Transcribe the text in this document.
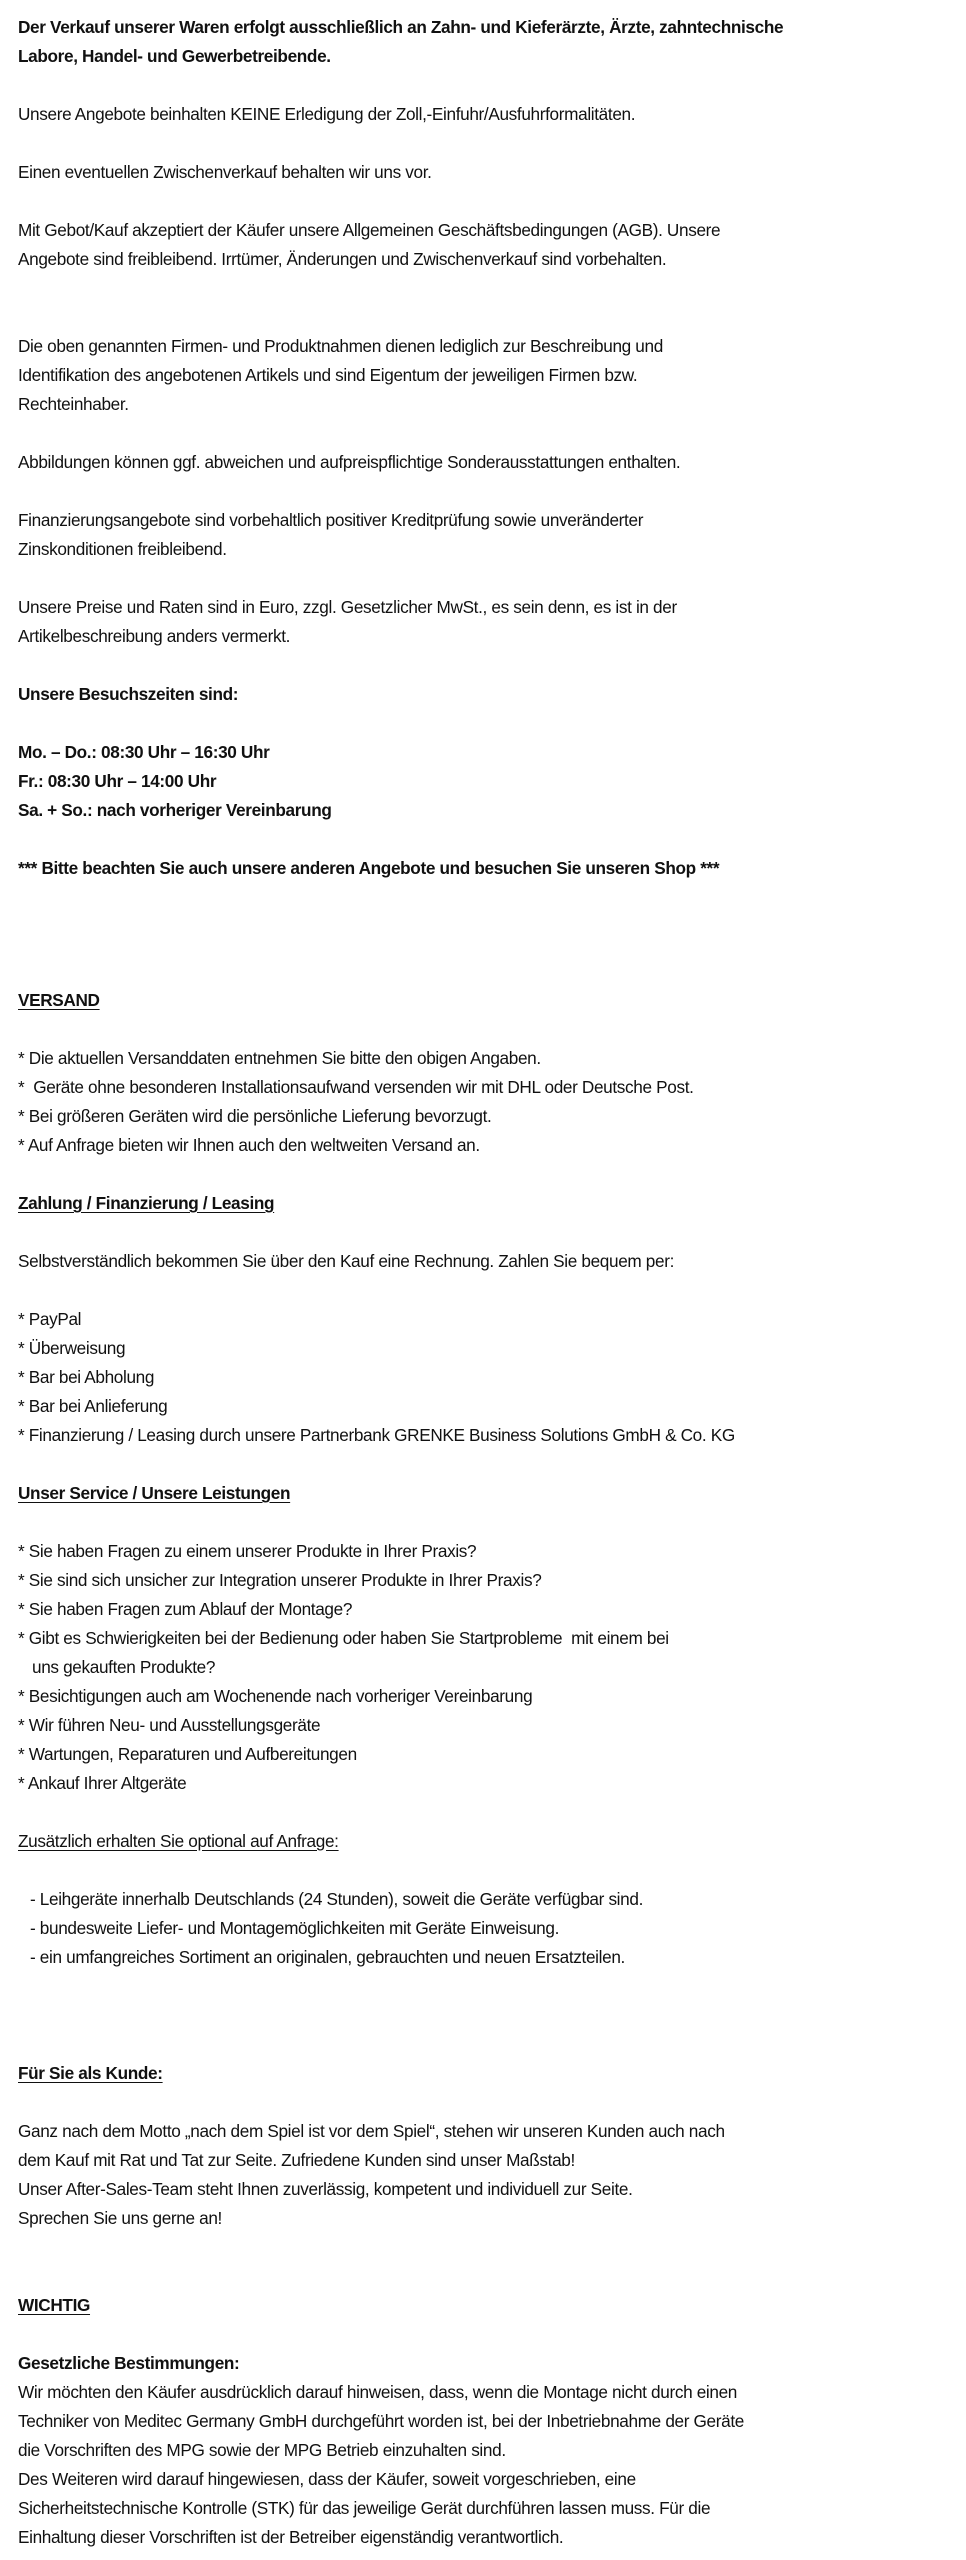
Der Verkauf unserer Waren erfolgt ausschließlich an Zahn- und Kieferärzte, Ärzte, zahntechnische
Labore, Handel- und Gewerbetreibende.
Unsere Angebote beinhalten KEINE Erledigung der Zoll,-Einfuhr/Ausfuhrformalitäten.
Einen eventuellen Zwischenverkauf behalten wir uns vor.
Mit Gebot/Kauf akzeptiert der Käufer unsere Allgemeinen Geschäftsbedingungen (AGB). Unsere
Angebote sind freibleibend. Irrtümer, Änderungen und Zwischenverkauf sind vorbehalten.
Die oben genannten Firmen- und Produktnahmen dienen lediglich zur Beschreibung und
Identifikation des angebotenen Artikels und sind Eigentum der jeweiligen Firmen bzw.
Rechteinhaber.
Abbildungen können ggf. abweichen und aufpreispflichtige Sonderausstattungen enthalten.
Finanzierungsangebote sind vorbehaltlich positiver Kreditprüfung sowie unveränderter
Zinskonditionen freibleibend.
Unsere Preise und Raten sind in Euro, zzgl. Gesetzlicher MwSt., es sein denn, es ist in der
Artikelbeschreibung anders vermerkt.
Unsere Besuchszeiten sind:
Mo. – Do.: 08:30 Uhr – 16:30 Uhr
Fr.: 08:30 Uhr – 14:00 Uhr
Sa. + So.: nach vorheriger Vereinbarung
*** Bitte beachten Sie auch unsere anderen Angebote und besuchen Sie unseren Shop ***
VERSAND
* Die aktuellen Versanddaten entnehmen Sie bitte den obigen Angaben.
*  Geräte ohne besonderen Installationsaufwand versenden wir mit DHL oder Deutsche Post.
* Bei größeren Geräten wird die persönliche Lieferung bevorzugt.
* Auf Anfrage bieten wir Ihnen auch den weltweiten Versand an.
Zahlung / Finanzierung / Leasing
Selbstverständlich bekommen Sie über den Kauf eine Rechnung. Zahlen Sie bequem per:
* PayPal
* Überweisung
* Bar bei Abholung
* Bar bei Anlieferung
* Finanzierung / Leasing durch unsere Partnerbank GRENKE Business Solutions GmbH & Co. KG
Unser Service / Unsere Leistungen
* Sie haben Fragen zu einem unserer Produkte in Ihrer Praxis?
* Sie sind sich unsicher zur Integration unserer Produkte in Ihrer Praxis?
* Sie haben Fragen zum Ablauf der Montage?
* Gibt es Schwierigkeiten bei der Bedienung oder haben Sie Startprobleme  mit einem bei
uns gekauften Produkte?
* Besichtigungen auch am Wochenende nach vorheriger Vereinbarung
* Wir führen Neu- und Ausstellungsgeräte
* Wartungen, Reparaturen und Aufbereitungen
* Ankauf Ihrer Altgeräte
Zusätzlich erhalten Sie optional auf Anfrage:
- Leihgeräte innerhalb Deutschlands (24 Stunden), soweit die Geräte verfügbar sind.
- bundesweite Liefer- und Montagemöglichkeiten mit Geräte Einweisung.
- ein umfangreiches Sortiment an originalen, gebrauchten und neuen Ersatzteilen.
Für Sie als Kunde:
Ganz nach dem Motto „nach dem Spiel ist vor dem Spiel“, stehen wir unseren Kunden auch nach
dem Kauf mit Rat und Tat zur Seite. Zufriedene Kunden sind unser Maßstab!
Unser After-Sales-Team steht Ihnen zuverlässig, kompetent und individuell zur Seite.
Sprechen Sie uns gerne an!
WICHTIG
Gesetzliche Bestimmungen:
Wir möchten den Käufer ausdrücklich darauf hinweisen, dass, wenn die Montage nicht durch einen
Techniker von Meditec Germany GmbH durchgeführt worden ist, bei der Inbetriebnahme der Geräte
die Vorschriften des MPG sowie der MPG Betrieb einzuhalten sind.
Des Weiteren wird darauf hingewiesen, dass der Käufer, soweit vorgeschrieben, eine
Sicherheitstechnische Kontrolle (STK) für das jeweilige Gerät durchführen lassen muss. Für die
Einhaltung dieser Vorschriften ist der Betreiber eigenständig verantwortlich.
